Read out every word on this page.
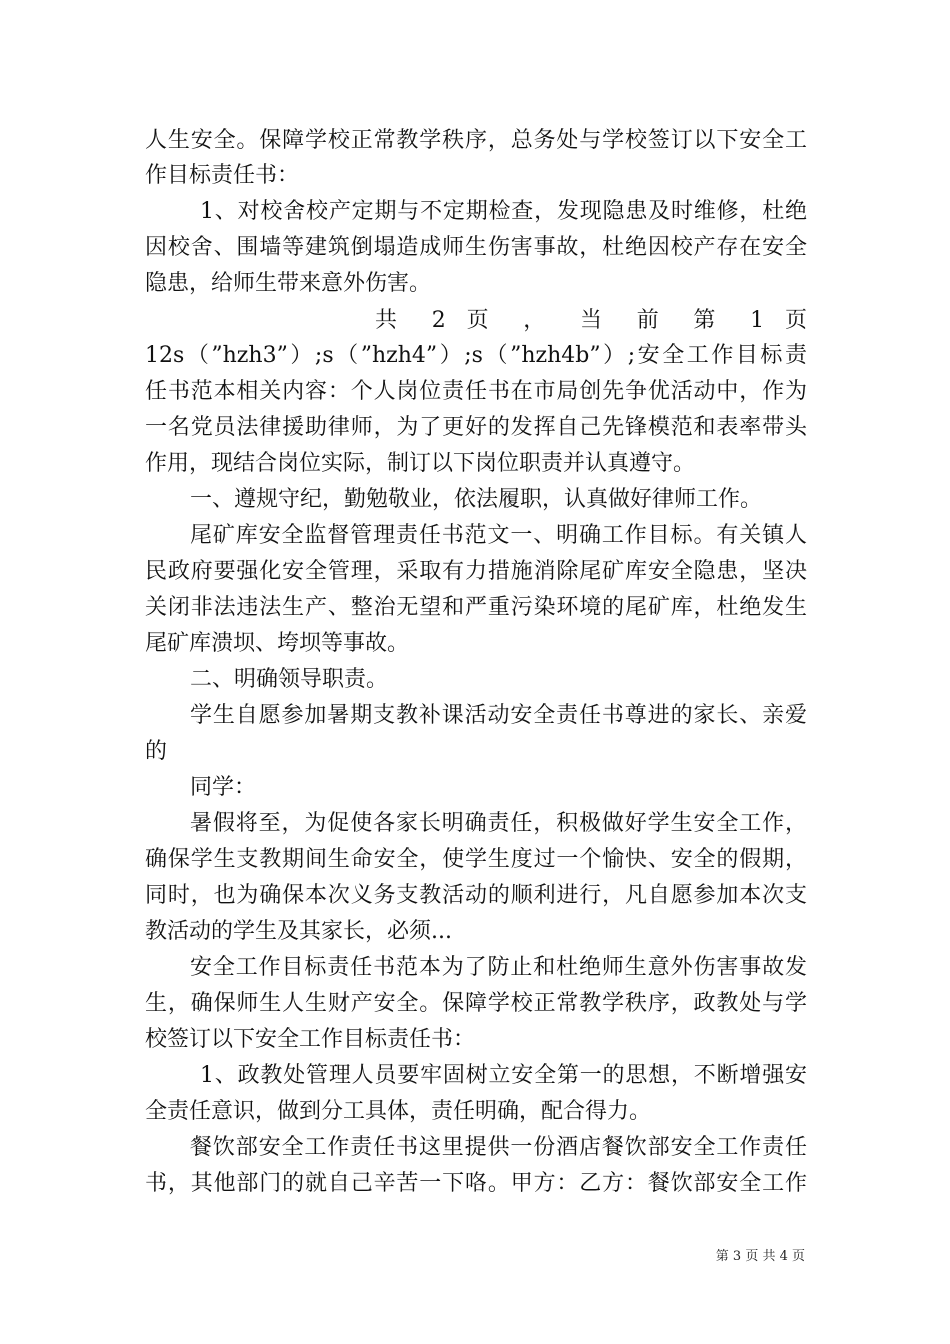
人生安全。保障学校正常教学秩序，总务处与学校签订以下安全工
作目标责任书：
1、对校舍校产定期与不定期检查，发现隐患及时维修，杜绝
因校舍、围墙等建筑倒塌造成师生伤害事故，杜绝因校产存在安全
隐患，给师生带来意外伤害。
共 2 页 ， 当 前 第 1 页
12s（”hzh3”）;s（”hzh4”）;s（”hzh4b”）;安全工作目标责
任书范本相关内容：个人岗位责任书在市局创先争优活动中，作为
一名党员法律援助律师，为了更好的发挥自己先锋模范和表率带头
作用，现结合岗位实际，制订以下岗位职责并认真遵守。
一、遵规守纪，勤勉敬业，依法履职，认真做好律师工作。
尾矿库安全监督管理责任书范文一、明确工作目标。有关镇人
民政府要强化安全管理，采取有力措施消除尾矿库安全隐患，坚决
关闭非法违法生产、整治无望和严重污染环境的尾矿库，杜绝发生
尾矿库溃坝、垮坝等事故。
二、明确领导职责。
学生自愿参加暑期支教补课活动安全责任书尊进的家长、亲爱
的
同学：
暑假将至，为促使各家长明确责任，积极做好学生安全工作，
确保学生支教期间生命安全，使学生度过一个愉快、安全的假期，
同时，也为确保本次义务支教活动的顺利进行，凡自愿参加本次支
教活动的学生及其家长，必须...
安全工作目标责任书范本为了防止和杜绝师生意外伤害事故发
生，确保师生人生财产安全。保障学校正常教学秩序，政教处与学
校签订以下安全工作目标责任书：
1、政教处管理人员要牢固树立安全第一的思想，不断增强安
全责任意识，做到分工具体，责任明确，配合得力。
餐饮部安全工作责任书这里提供一份酒店餐饮部安全工作责任
书，其他部门的就自己辛苦一下咯。甲方：乙方：餐饮部安全工作
第 3 页 共 4 页
